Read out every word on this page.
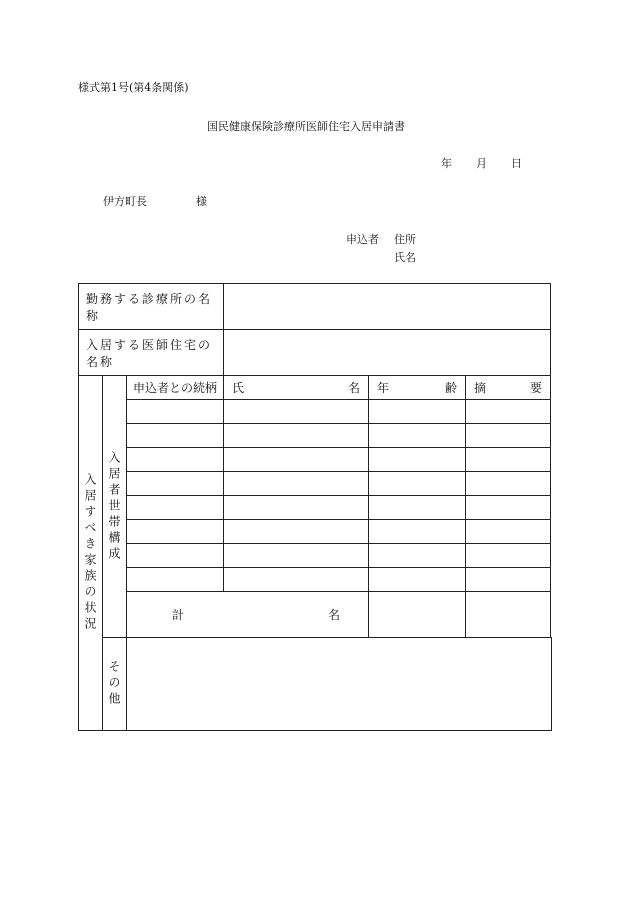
様式第1号(第4条関係)
国民健康保険診療所医師住宅入居申請書
年 月 日
伊方町長	様
申込者 住所
氏名
勤務する診療所の名称					
入居する医師住宅の名称					

入居すべき家族の状況	入居者世帯構成	申込者との続柄	氏 名	年 齢	摘 要

		計 名			

	その他				
